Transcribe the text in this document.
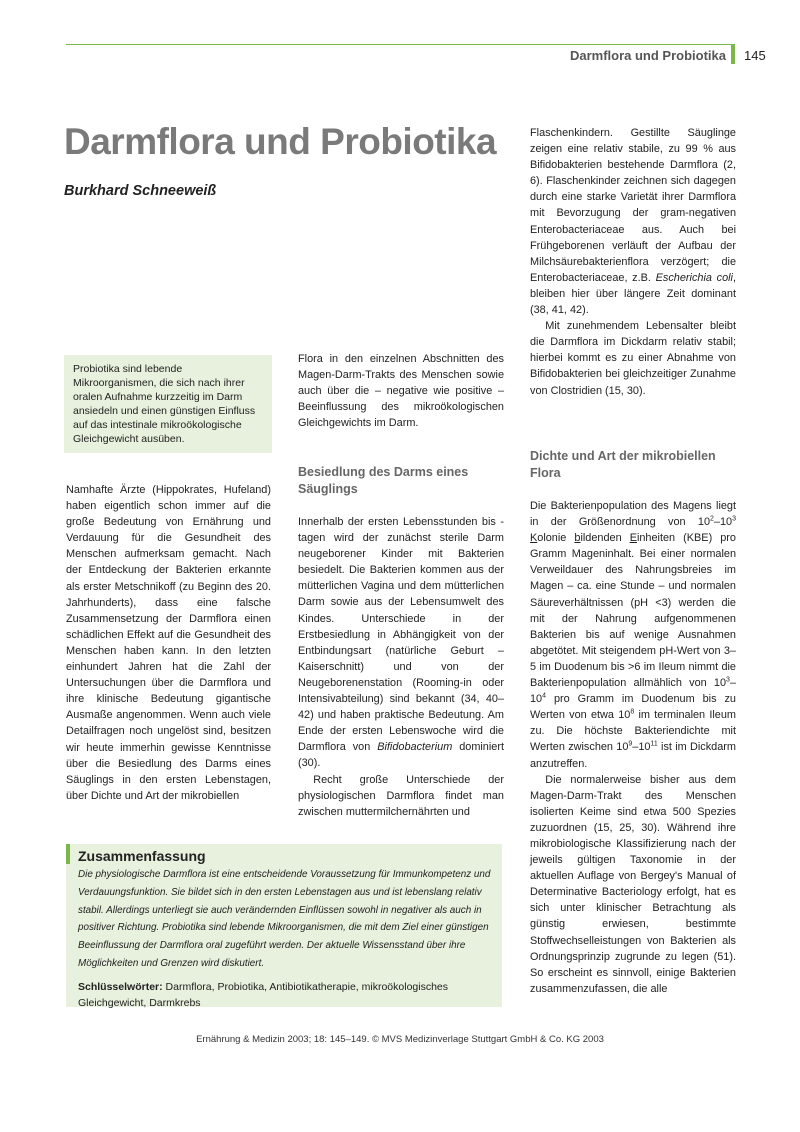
Darmflora und Probiotika 145
Darmflora und Probiotika
Burkhard Schneeweiß
Probiotika sind lebende Mikroorganismen, die sich nach ihrer oralen Aufnahme kurzzeitig im Darm ansiedeln und einen günstigen Einfluss auf das intestinale mikroökologische Gleichgewicht ausüben.

Namhafte Ärzte (Hippokrates, Hufeland) haben eigentlich schon immer auf die große Bedeutung von Ernährung und Verdauung für die Gesundheit des Menschen aufmerksam gemacht. Nach der Entdeckung der Bakterien erkannte als erster Metschnikoff (zu Beginn des 20. Jahrhunderts), dass eine falsche Zusammensetzung der Darmflora einen schädlichen Effekt auf die Gesundheit des Menschen haben kann. In den letzten einhundert Jahren hat die Zahl der Untersuchungen über die Darmflora und ihre klinische Bedeutung gigantische Ausmaße angenommen. Wenn auch viele Detailfragen noch ungelöst sind, besitzen wir heute immerhin gewisse Kenntnisse über die Besiedlung des Darms eines Säuglings in den ersten Lebenstagen, über Dichte und Art der mikrobiellen

Flora in den einzelnen Abschnitten des Magen-Darm-Trakts des Menschen sowie auch über die – negative wie positive – Beeinflussung des mikroökologischen Gleichgewichts im Darm.

Besiedlung des Darms eines Säuglings

Innerhalb der ersten Lebensstunden bis -tagen wird der zunächst sterile Darm neugeborener Kinder mit Bakterien besiedelt. Die Bakterien kommen aus der mütterlichen Vagina und dem mütterlichen Darm sowie aus der Lebensumwelt des Kindes. Unterschiede in der Erstbesiedlung in Abhängigkeit von der Entbindungsart (natürliche Geburt – Kaiserschnitt) und von der Neugeborenenstation (Rooming-in oder Intensivabteilung) sind bekannt (34, 40–42) und haben praktische Bedeutung. Am Ende der ersten Lebenswoche wird die Darmflora von Bifidobacterium dominiert (30).

Recht große Unterschiede der physiologischen Darmflora findet man zwischen muttermilchernährten und

Flaschenkindern. Gestillte Säuglinge zeigen eine relativ stabile, zu 99 % aus Bifidobakterien bestehende Darmflora (2, 6). Flaschenkinder zeichnen sich dagegen durch eine starke Varietät ihrer Darmflora mit Bevorzugung der gram-negativen Enterobacteriaceae aus. Auch bei Frühgeborenen verläuft der Aufbau der Milchsäurebakterienflora verzögert; die Enterobacteriaceae, z.B. Escherichia coli, bleiben hier über längere Zeit dominant (38, 41, 42).

Mit zunehmendem Lebensalter bleibt die Darmflora im Dickdarm relativ stabil; hierbei kommt es zu einer Abnahme von Bifidobakterien bei gleichzeitiger Zunahme von Clostridien (15, 30).

Dichte und Art der mikrobiellen Flora

Die Bakterienpopulation des Magens liegt in der Größenordnung von $10^2-10^3$ Kolonie bildenden Einheiten (KBE) pro Gramm Mageninhalt. Bei einer normalen Verweildauer des Nahrungsbreies im Magen – ca. eine Stunde – und normalen Säureverhältnissen (pH <3) werden die mit der Nahrung aufgenommenen Bakterien bis auf wenige Ausnahmen abgetötet. Mit steigendem pH-Wert von 3–5 im Duodenum bis >6 im Ileum nimmt die Bakterienpopulation allmählich von $10^3-10^4$ pro Gramm im Duodenum bis zu Werten von etwa $10^8$ im terminalen Ileum zu. Die höchste Bakteriendichte mit Werten zwischen $10^9-10^{11}$ ist im Dickdarm anzutreffen.

Die normalerweise bisher aus dem Magen-Darm-Trakt des Menschen isolierten Keime sind etwa 500 Spezies zuzuordnen (15, 25, 30). Während ihre mikrobiologische Klassifizierung nach der jeweils gültigen Taxonomie in der aktuellen Auflage von Bergey's Manual of Determinative Bacteriology erfolgt, hat es sich unter klinischer Betrachtung als günstig erwiesen, bestimmte Stoffwechselleistungen von Bakterien als Ordnungsprinzip zugrunde zu legen (51). So erscheint es sinnvoll, einige Bakterien zusammenzufassen, die alle

Zusammenfassung

Die physiologische Darmflora ist eine entscheidende Voraussetzung für Immunkompetenz und Verdauungsfunktion. Sie bildet sich in den ersten Lebenstagen aus und ist lebenslang relativ stabil. Allerdings unterliegt sie auch verändernden Einflüssen sowohl in negativer als auch in positiver Richtung. Probiotika sind lebende Mikroorganismen, die mit dem Ziel einer günstigen Beeinflussung der Darmflora oral zugeführt werden. Der aktuelle Wissensstand über ihre Möglichkeiten und Grenzen wird diskutiert.

Schlüsselwörter: Darmflora, Probiotika, Antibiotikatherapie, mikroökologisches Gleichgewicht, Darmkrebs

Ernährung & Medizin 2003; 18: 145–149. © MVS Medizinverlage Stuttgart GmbH & Co. KG 2003
